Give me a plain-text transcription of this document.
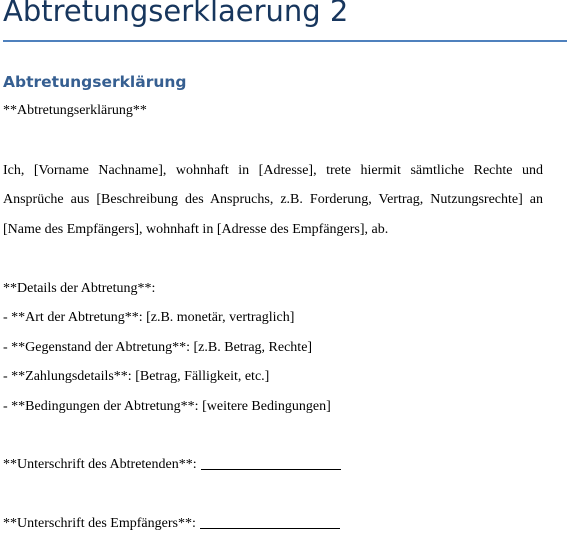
Abtretungserklaerung 2
Abtretungserklärung

**Abtretungserklärung**

Ich, [Vorname Nachname], wohnhaft in [Adresse], trete hiermit sämtliche Rechte und

Ansprüche aus [Beschreibung des Anspruchs, z.B. Forderung, Vertrag, Nutzungsrechte] an

[Name des Empfängers], wohnhaft in [Adresse des Empfängers], ab.

**Details der Abtretung**:

- **Art der Abtretung**: [z.B. monetär, vertraglich]

- **Gegenstand der Abtretung**: [z.B. Betrag, Rechte]

- **Zahlungsdetails**: [Betrag, Fälligkeit, etc.]

- **Bedingungen der Abtretung**: [weitere Bedingungen]

**Unterschrift des Abtretenden**:

**Unterschrift des Empfängers**:
